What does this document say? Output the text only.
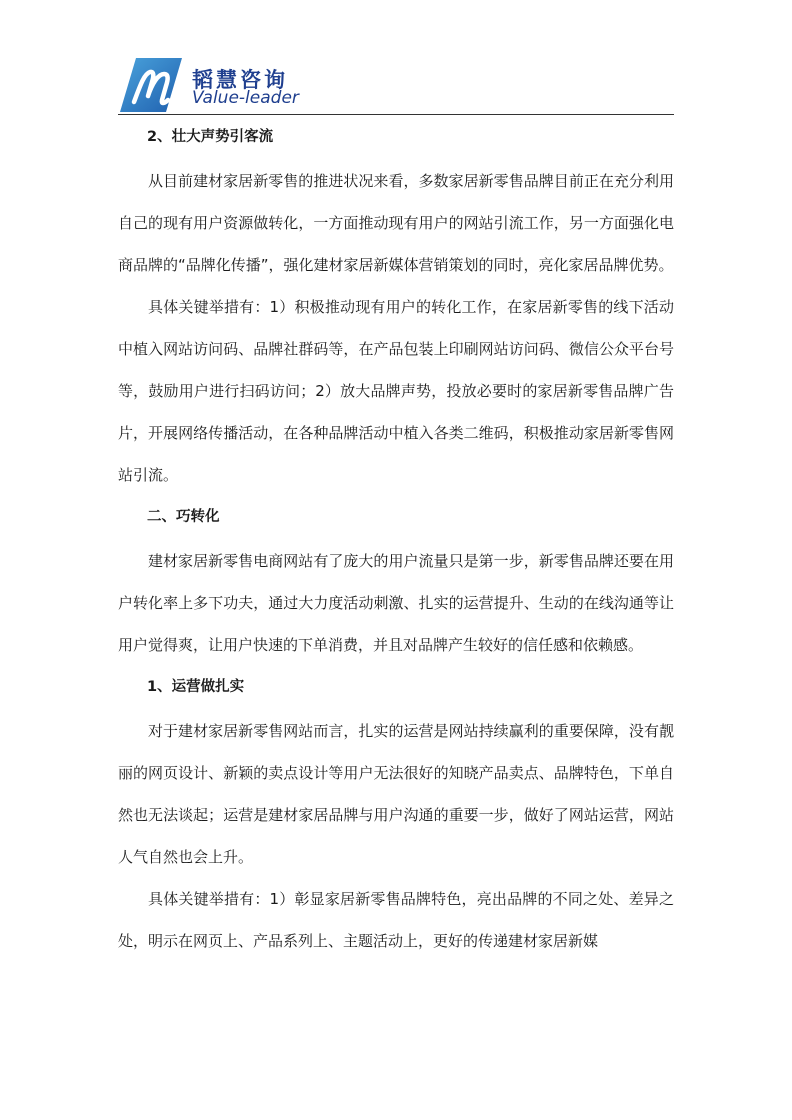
韬慧咨询
Value-leader
2、壮大声势引客流

从目前建材家居新零售的推进状况来看，多数家居新零售品牌目前正在充分利用自己的现有用户资源做转化，一方面推动现有用户的网站引流工作，另一方面强化电商品牌的“品牌化传播”，强化建材家居新媒体营销策划的同时，亮化家居品牌优势。

具体关键举措有：1）积极推动现有用户的转化工作，在家居新零售的线下活动中植入网站访问码、品牌社群码等，在产品包装上印刷网站访问码、微信公众平台号等，鼓励用户进行扫码访问；2）放大品牌声势，投放必要时的家居新零售品牌广告片，开展网络传播活动，在各种品牌活动中植入各类二维码，积极推动家居新零售网站引流。

二、巧转化

建材家居新零售电商网站有了庞大的用户流量只是第一步，新零售品牌还要在用户转化率上多下功夫，通过大力度活动刺激、扎实的运营提升、生动的在线沟通等让用户觉得爽，让用户快速的下单消费，并且对品牌产生较好的信任感和依赖感。

1、运营做扎实

对于建材家居新零售网站而言，扎实的运营是网站持续赢利的重要保障，没有靓丽的网页设计、新颖的卖点设计等用户无法很好的知晓产品卖点、品牌特色，下单自然也无法谈起；运营是建材家居品牌与用户沟通的重要一步，做好了网站运营，网站人气自然也会上升。

具体关键举措有：1）彰显家居新零售品牌特色，亮出品牌的不同之处、差异之处，明示在网页上、产品系列上、主题活动上，更好的传递建材家居新媒
